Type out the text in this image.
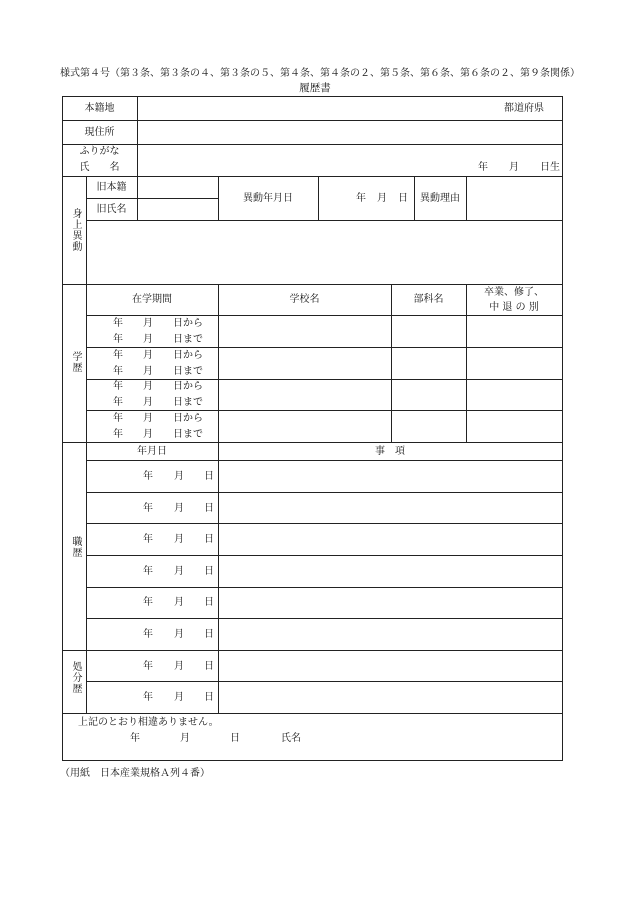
様式第４号（第３条、第３条の４、第３条の５、第４条、第４条の２、第５条、第６条、第６条の２、第９条関係）
履歴書
本籍地	都道府県
現住所
ふりがな
氏　　名	年 月 日生
身上異動
旧本籍
旧氏名
異動年月日	年 月 日	異動理由
学歴
在学期間	学校名	部科名
卒業、修了、
中 退 の 別
年 月 日から
年 月 日まで
年 月 日から
年 月 日まで
年 月 日から
年 月 日まで
年 月 日から
年 月 日まで
職歴
年月日	事　項
年 月 日
年 月 日
年 月 日
年 月 日
年 月 日
年 月 日
処分歴	年 月 日
年 月 日
上記のとおり相違ありません。
年	月	日	氏名
（用紙　日本産業規格Ａ列４番）
